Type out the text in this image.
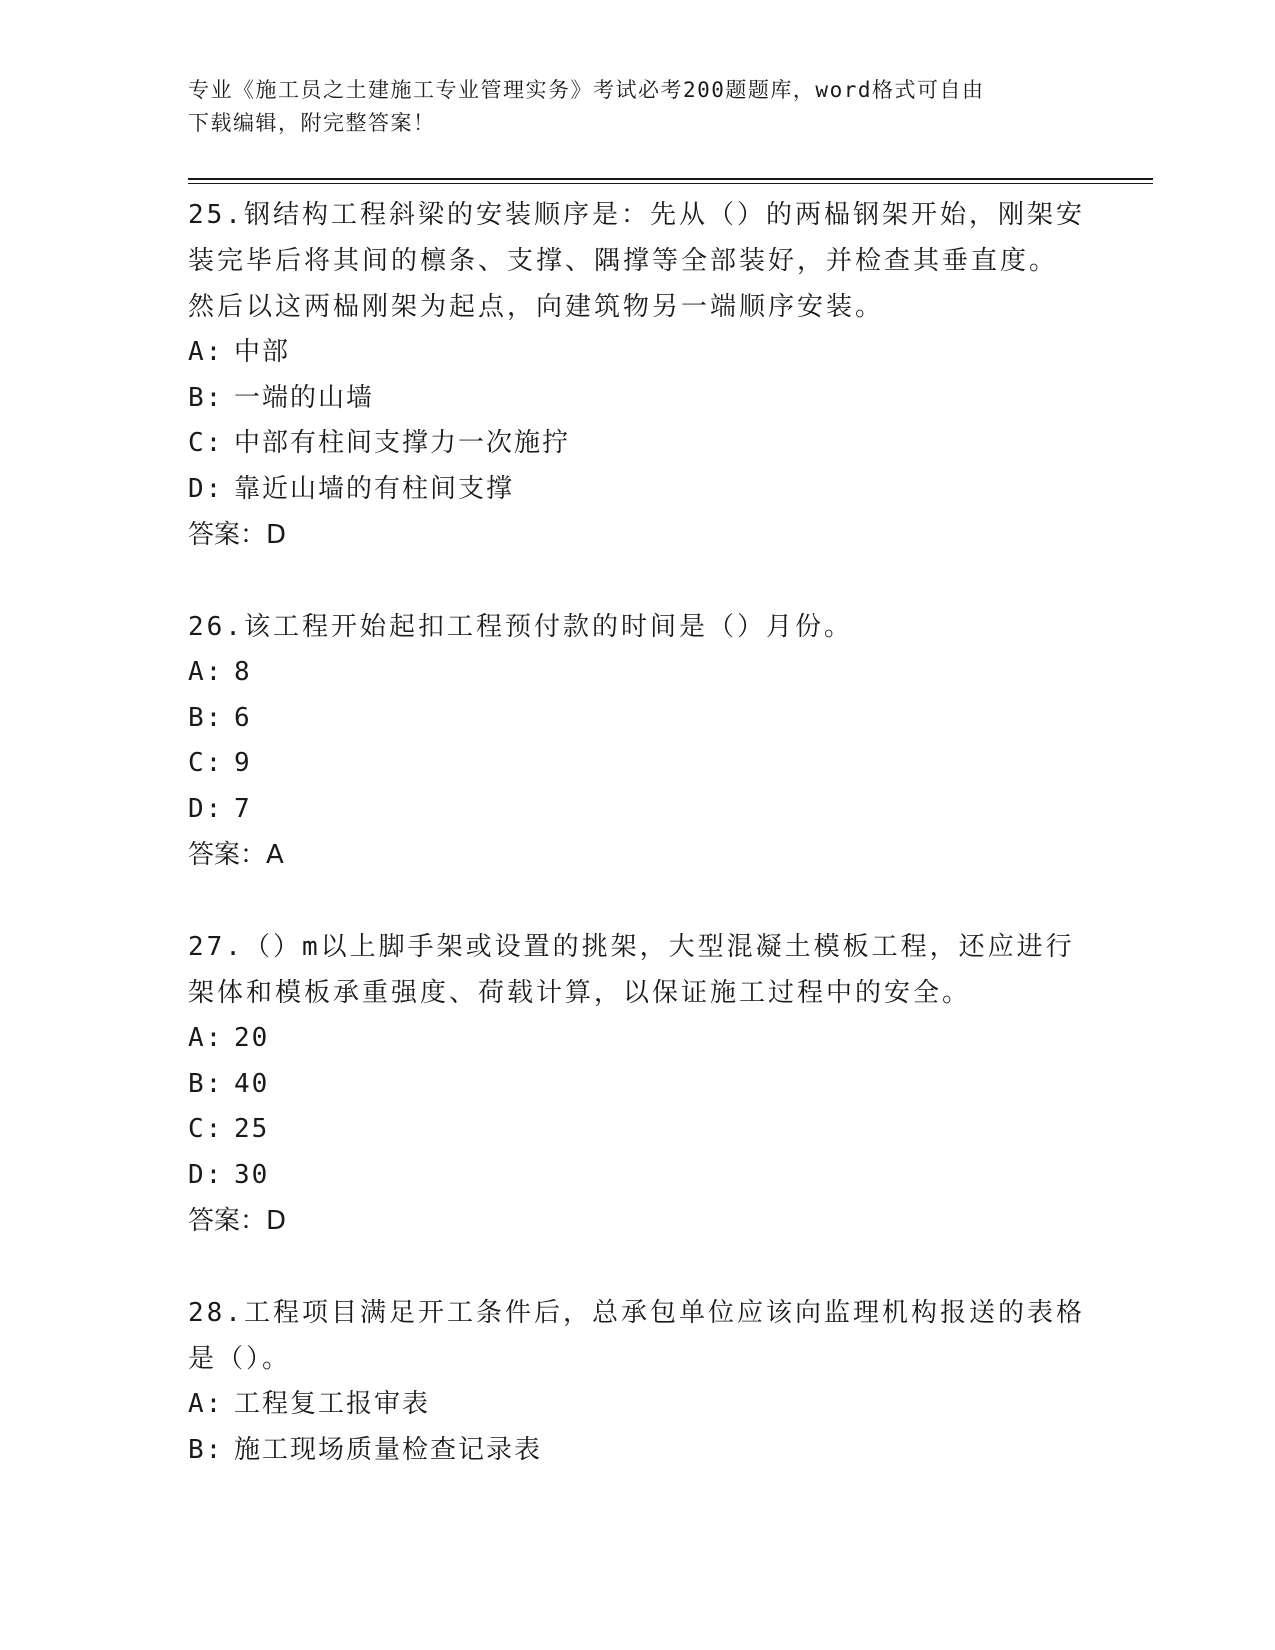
专业《施工员之土建施工专业管理实务》考试必考200题题库，word格式可自由
下载编辑，附完整答案！
25.钢结构工程斜梁的安装顺序是：先从（）的两榀钢架开始，刚架安
装完毕后将其间的檩条、支撑、隅撑等全部装好，并检查其垂直度。
然后以这两榀刚架为起点，向建筑物另一端顺序安装。
A: 中部
B: 一端的山墙
C: 中部有柱间支撑力一次施拧
D: 靠近山墙的有柱间支撑
答案：D
26.该工程开始起扣工程预付款的时间是（）月份。
A: 8
B: 6
C: 9
D: 7
答案：A
27.（）m以上脚手架或设置的挑架，大型混凝土模板工程，还应进行
架体和模板承重强度、荷载计算，以保证施工过程中的安全。
A: 20
B: 40
C: 25
D: 30
答案：D
28.工程项目满足开工条件后，总承包单位应该向监理机构报送的表格
是（）。
A: 工程复工报审表
B: 施工现场质量检查记录表
